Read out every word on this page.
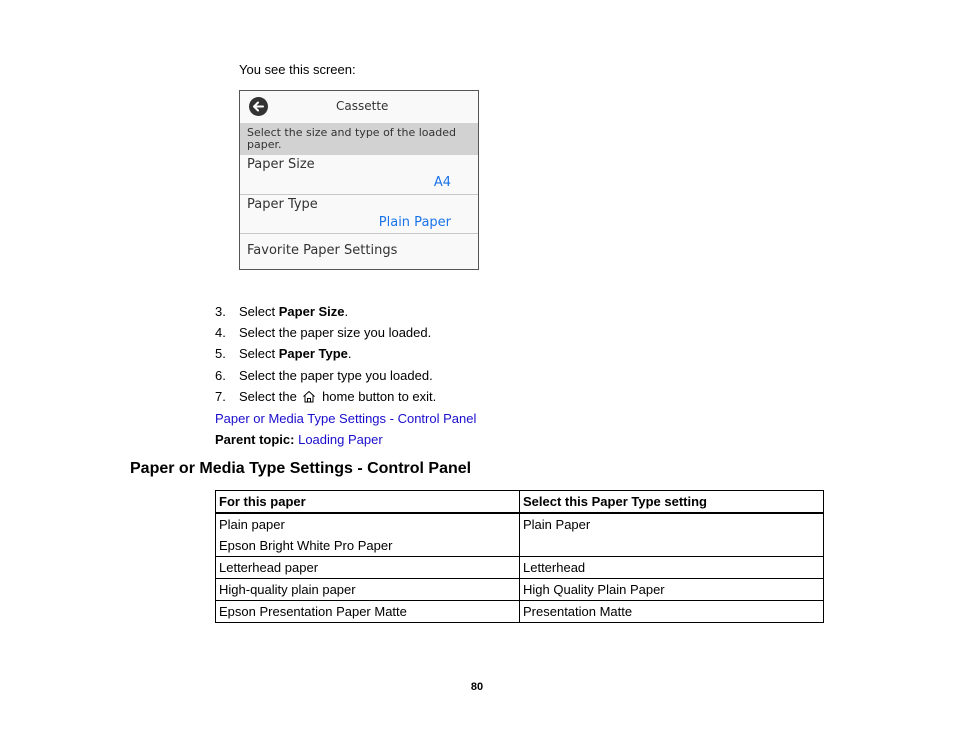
You see this screen:
Cassette
Select the size and type of the loaded paper.
Paper Size
A4
Paper Type
Plain Paper
Favorite Paper Settings
3. Select Paper Size.
4. Select the paper size you loaded.
5. Select Paper Type.
6. Select the paper type you loaded.
7. Select the home button to exit.
Paper or Media Type Settings - Control Panel
Parent topic: Loading Paper
Paper or Media Type Settings - Control Panel
For this paper	Select this Paper Type setting

Plain paper
Epson Bright White Pro Paper	Plain Paper
Letterhead paper	Letterhead
High-quality plain paper	High Quality Plain Paper
Epson Presentation Paper Matte	Presentation Matte
80
